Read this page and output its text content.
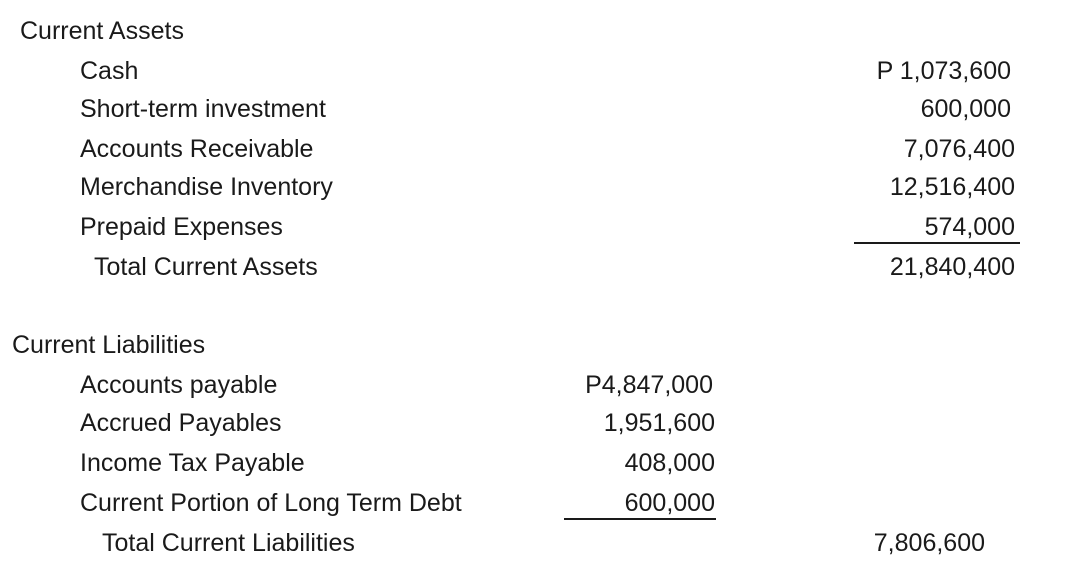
Current Assets
Cash	P 1,073,600
Short-term investment	600,000
Accounts Receivable	7,076,400
Merchandise Inventory	12,516,400
Prepaid Expenses	574,000
Total Current Assets	21,840,400
Current Liabilities
Accounts payable	P4,847,000
Accrued Payables	1,951,600
Income Tax Payable	408,000
Current Portion of Long Term Debt	600,000
Total Current Liabilities	7,806,600
